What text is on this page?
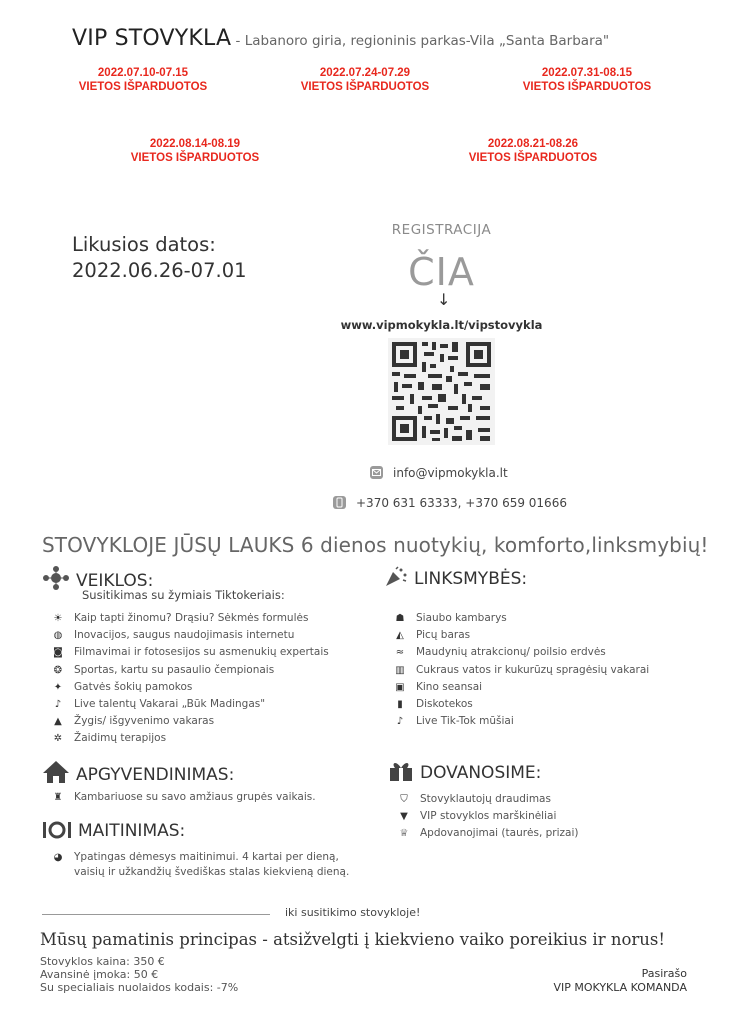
VIP STOVYKLA - Labanoro giria, regioninis parkas-Vila „Santa Barbara"
2022.07.10-07.15
VIETOS IŠPARDUOTOS
2022.07.24-07.29
VIETOS IŠPARDUOTOS
2022.07.31-08.15
VIETOS IŠPARDUOTOS
2022.08.14-08.19
VIETOS IŠPARDUOTOS
2022.08.21-08.26
VIETOS IŠPARDUOTOS
Likusios datos:
2022.06.26-07.01
REGISTRACIJA
ČIA
↓
www.vipmokykla.lt/vipstovykla
info@vipmokykla.lt
+370 631 63333, +370 659 01666
STOVYKLOJE JŪSŲ LAUKS 6 dienos nuotykių, komforto,linksmybių!
VEIKLOS:
Susitikimas su žymiais Tiktokeriais:
☀ Kaip tapti žinomu? Drąsiu? Sėkmės formulės
◍ Inovacijos, saugus naudojimasis internetu
◙ Filmavimai ir fotosesijos su asmenukių expertais
❂ Sportas, kartu su pasaulio čempionais
✦ Gatvės šokių pamokos
♪ Live talentų Vakarai „Būk Madingas"
▲ Žygis/ išgyvenimo vakaras
✲ Žaidimų terapijos
LINKSMYBĖS:
☗ Siaubo kambarys
◭ Picų baras
≈ Maudynių atrakcionų/ poilsio erdvės
▥ Cukraus vatos ir kukurūzų spragėsių vakarai
▣ Kino seansai
▮ Diskotekos
♪ Live Tik-Tok mūšiai
APGYVENDINIMAS:
♜ Kambariuose su savo amžiaus grupės vaikais.
DOVANOSIME:
⛉ Stovyklautojų draudimas
▼ VIP stovyklos marškinėliai
♕ Apdovanojimai (taurės, prizai)
MAITINIMAS:
◕ Ypatingas dėmesys maitinimui. 4 kartai per dieną,
vaisių ir užkandžių švediškas stalas kiekvieną dieną.
iki susitikimo stovykloje!
Mūsų pamatinis principas - atsižvelgti į kiekvieno vaiko poreikius ir norus!
Stovyklos kaina: 350 €
Avansinė įmoka: 50 €
Su specialiais nuolaidos kodais: -7%
Pasirašo
VIP MOKYKLA KOMANDA
